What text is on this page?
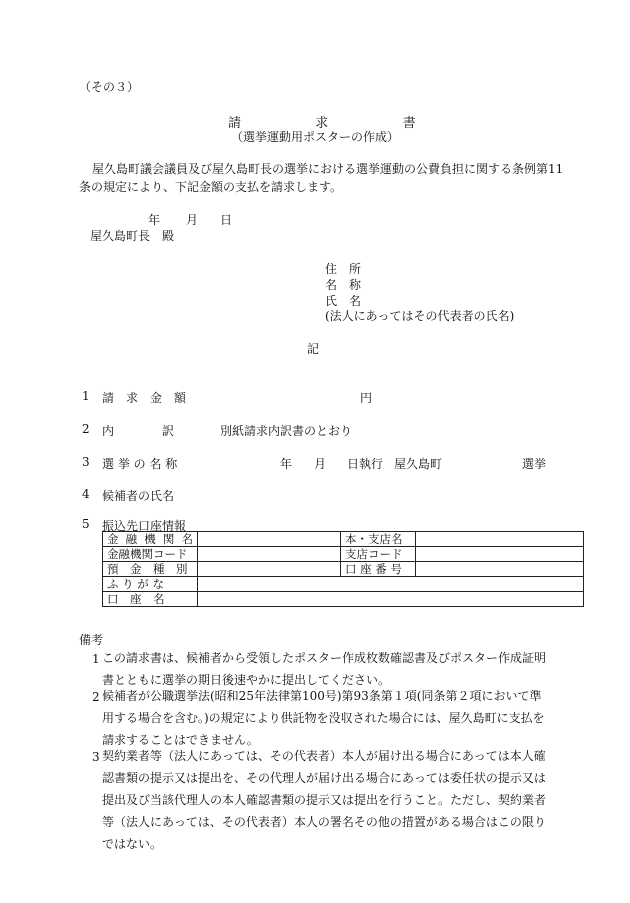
（その３）
請	求	書
（選挙運動用ポスターの作成）
屋久島町議会議員及び屋久島町長の選挙における選挙運動の公費負担に関する条例第11
条の規定により、下記金額の支払を請求します。
年 月 日
屋久島町長　殿
住　所
名　称
氏　名
(法人にあってはその代表者の氏名)
記
1 請　求　金　額	円
2 内　　　　訳	別紙請求内訳書のとおり
3 選 挙 の 名 称	年 月 日執行 屋久島町	選挙
4 候補者の氏名
5 振込先口座情報
金融機関名		本・支店名	
金融機関コード		支店コード	
預　金　種　別		口 座 番 号	
ふ り が な			
口　座　名			
備考
1 この請求書は、候補者から受領したポスター作成枚数確認書及びポスター作成証明書とともに選挙の期日後速やかに提出してください。
2 候補者が公職選挙法(昭和25年法律第100号)第93条第１項(同条第２項において準用する場合を含む。)の規定により供託物を没収された場合には、屋久島町に支払を請求することはできません。
3 契約業者等（法人にあっては、その代表者）本人が届け出る場合にあっては本人確認書類の提示又は提出を、その代理人が届け出る場合にあっては委任状の提示又は提出及び当該代理人の本人確認書類の提示又は提出を行うこと。ただし、契約業者等（法人にあっては、その代表者）本人の署名その他の措置がある場合はこの限りではない。
